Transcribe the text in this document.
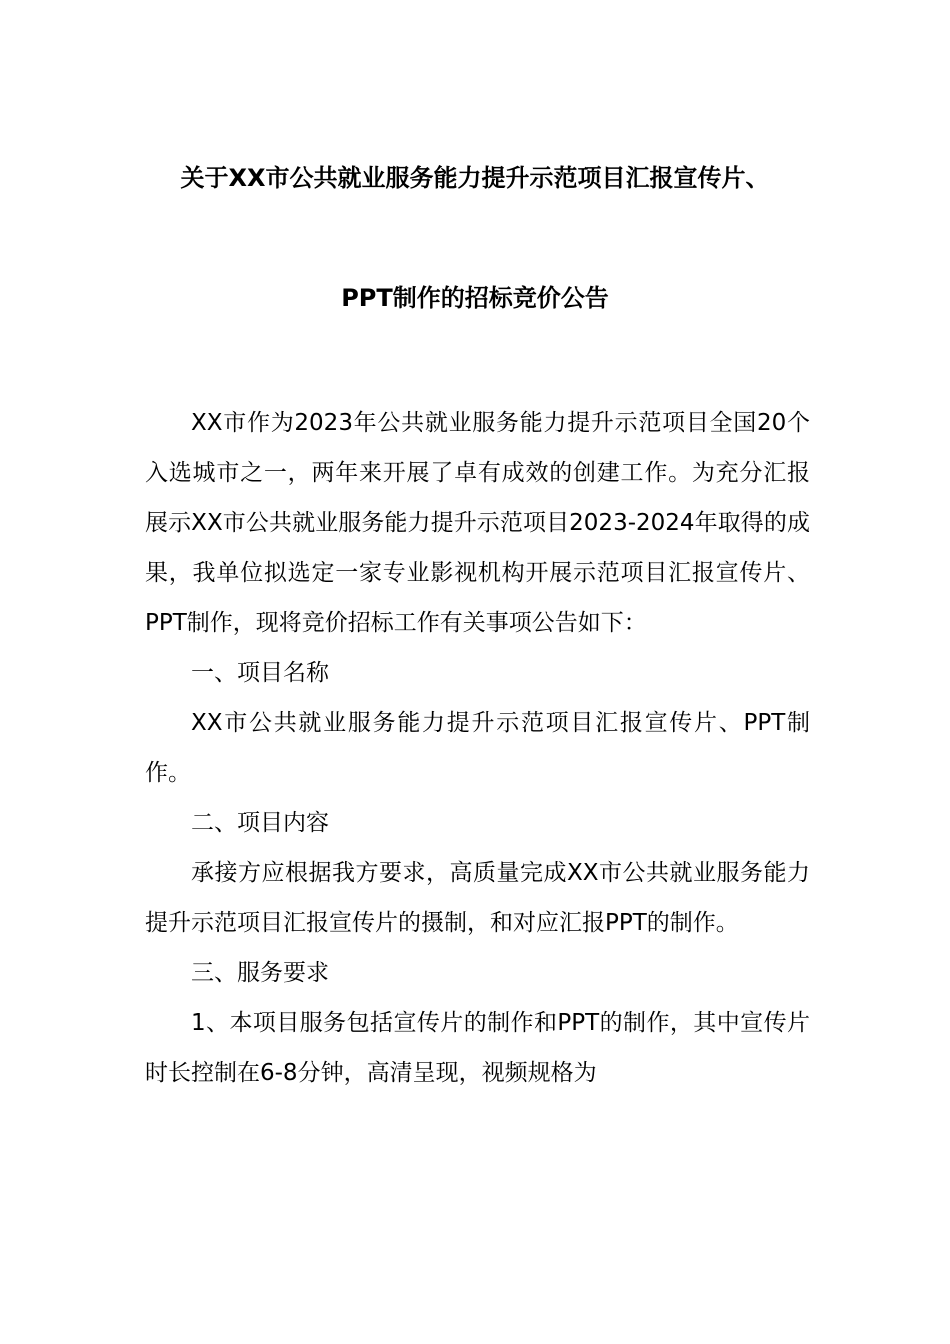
关于XX市公共就业服务能力提升示范项目汇报宣传片、
PPT制作的招标竞价公告

XX市作为2023年公共就业服务能力提升示范项目全国20个入选城市之一，两年来开展了卓有成效的创建工作。为充分汇报展示XX市公共就业服务能力提升示范项目2023-2024年取得的成果，我单位拟选定一家专业影视机构开展示范项目汇报宣传片、PPT制作，现将竞价招标工作有关事项公告如下：

一、项目名称

XX市公共就业服务能力提升示范项目汇报宣传片、PPT制作。

二、项目内容

承接方应根据我方要求，高质量完成XX市公共就业服务能力提升示范项目汇报宣传片的摄制，和对应汇报PPT的制作。

三、服务要求

1、本项目服务包括宣传片的制作和PPT的制作，其中宣传片时长控制在6-8分钟，高清呈现，视频规格为
